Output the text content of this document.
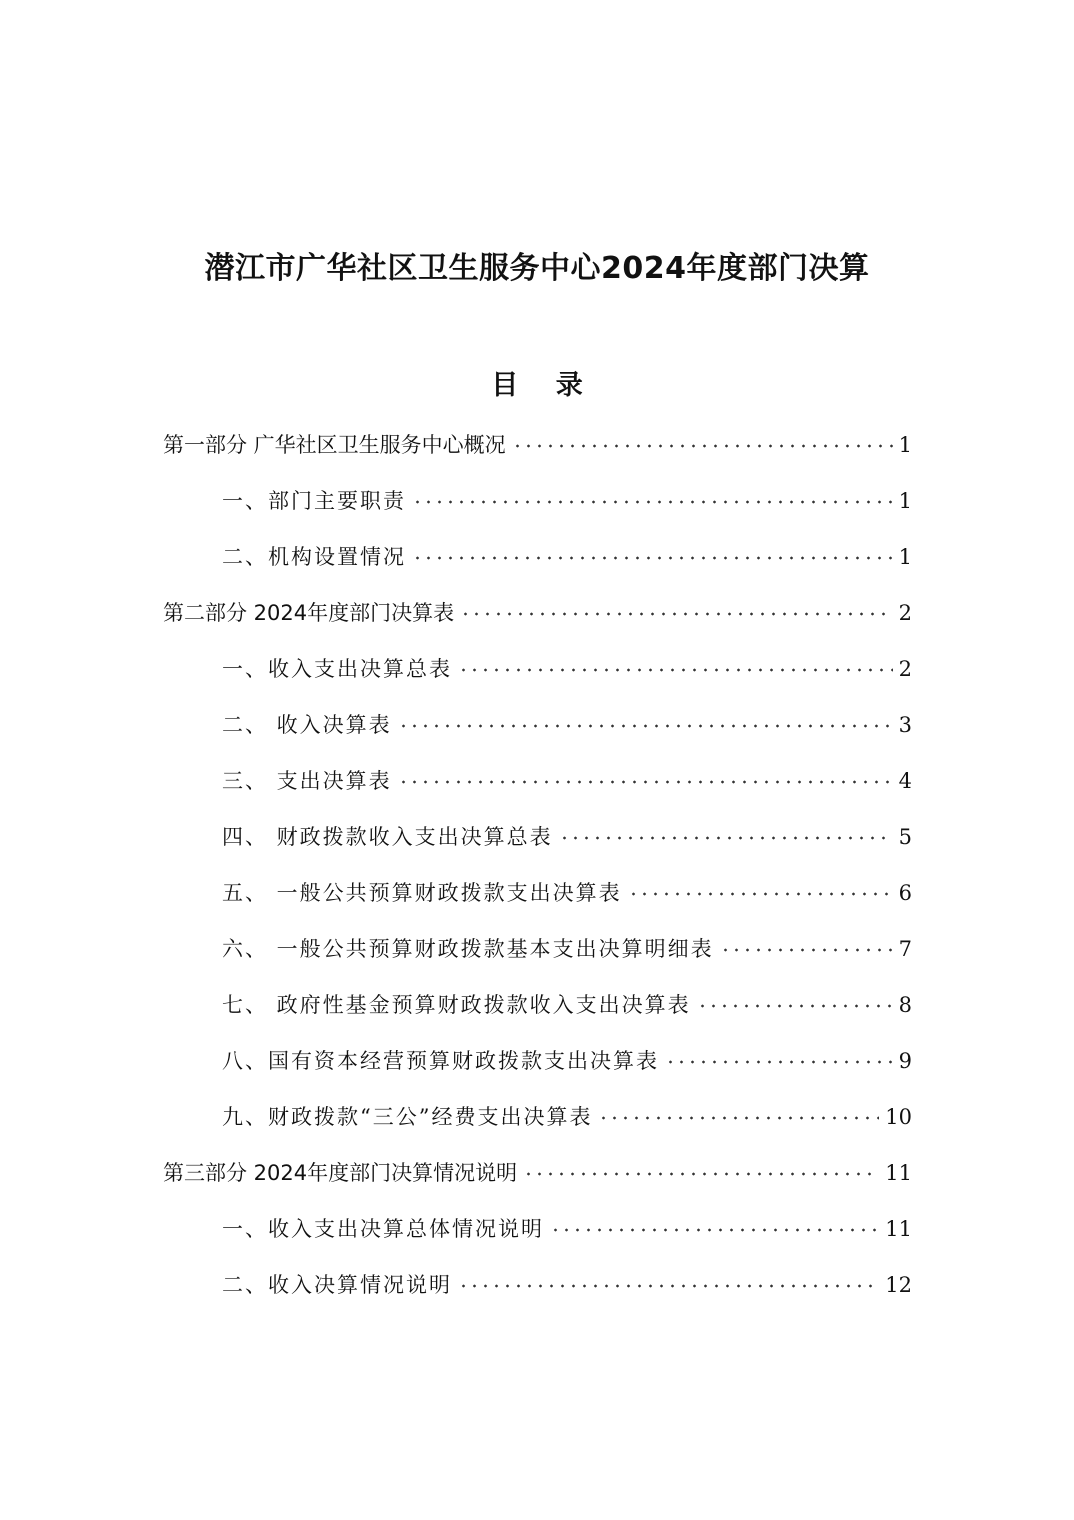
潜江市广华社区卫生服务中心2024年度部门决算
目 录
第一部分 广华社区卫生服务中心概况	1
一、部门主要职责	1
二、机构设置情况	1
第二部分 2024年度部门决算表	2
一、收入支出决算总表	2
二、 收入决算表	3
三、 支出决算表	4
四、 财政拨款收入支出决算总表	5
五、 一般公共预算财政拨款支出决算表	6
六、 一般公共预算财政拨款基本支出决算明细表	7
七、 政府性基金预算财政拨款收入支出决算表	8
八、国有资本经营预算财政拨款支出决算表	9
九、财政拨款“三公”经费支出决算表	10
第三部分 2024年度部门决算情况说明	11
一、收入支出决算总体情况说明	11
二、收入决算情况说明	12
